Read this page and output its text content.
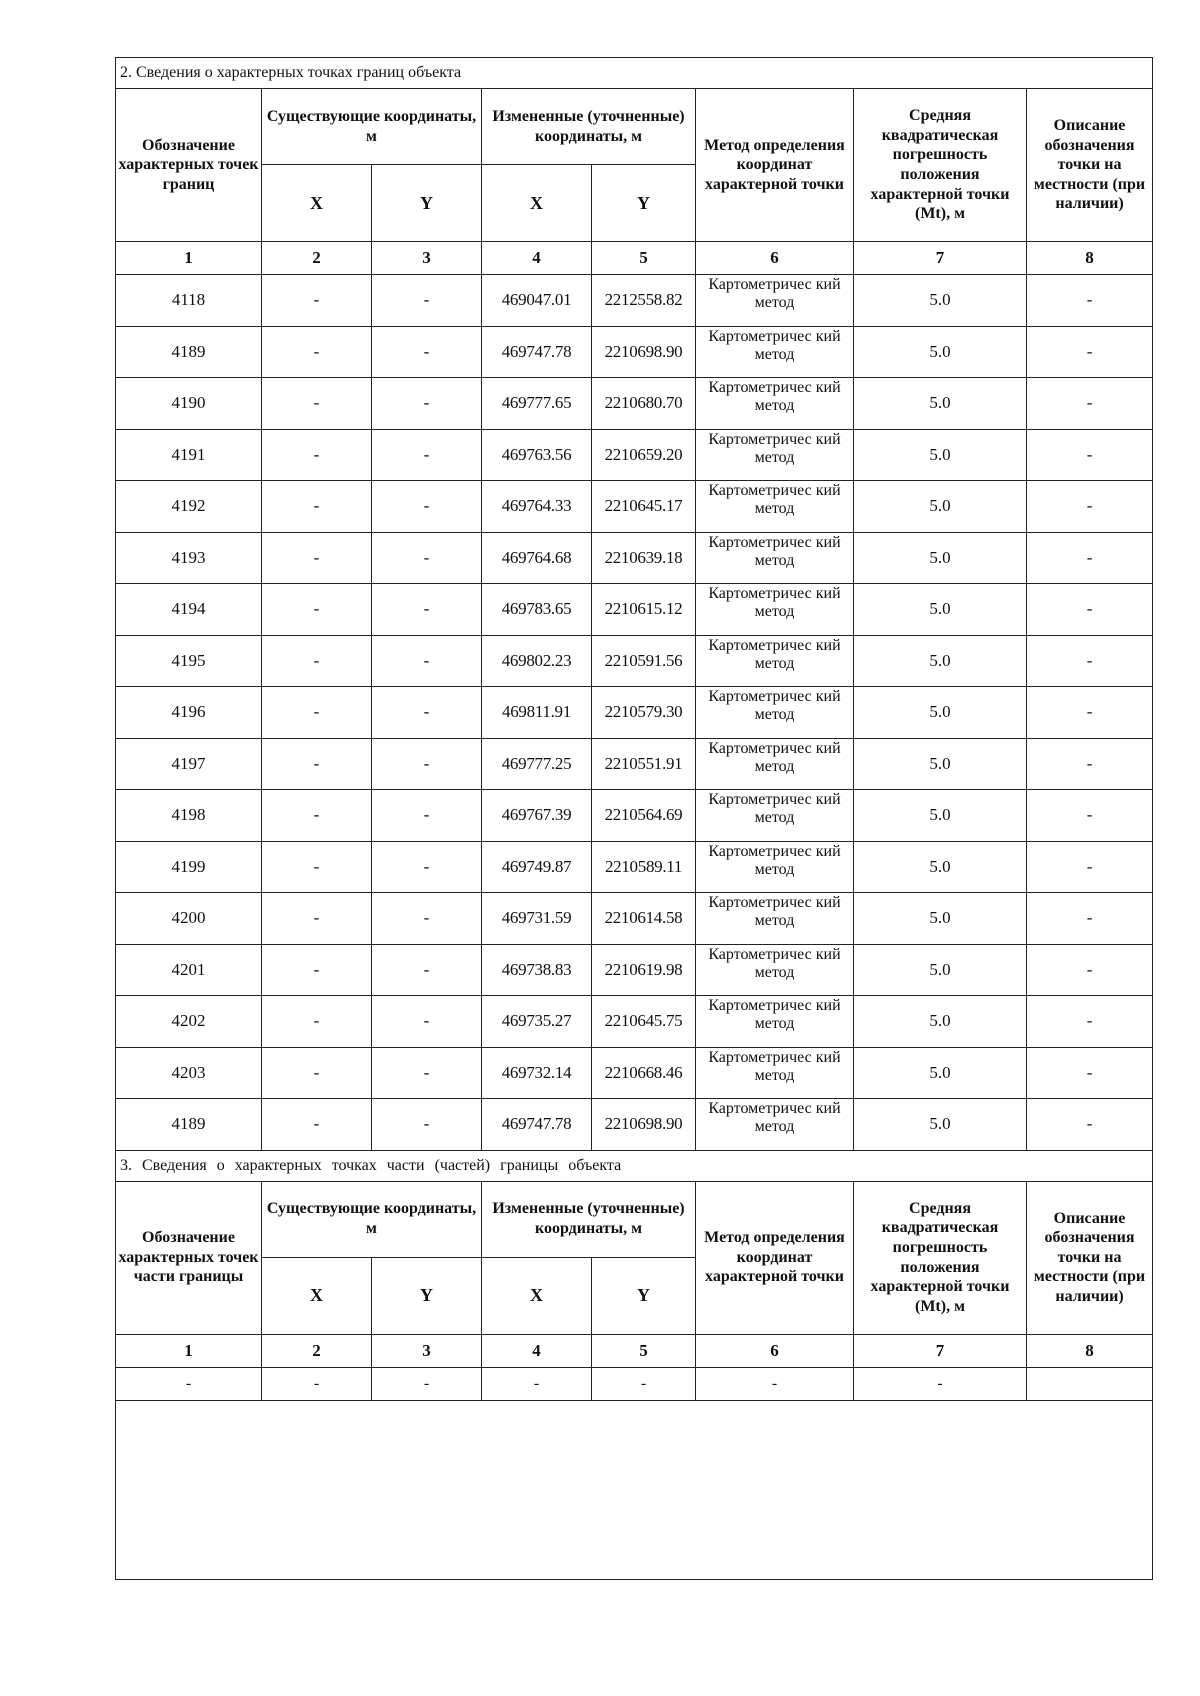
2. Сведения о характерных точках границ объекта							
Обозначение характерных точек границ	Существующие координаты, м		Измененные (уточненные) координаты, м		Метод определения координат характерной точки	Средняя квадратическая погрешность положения характерной точки (Mt), м	Описание обозначения точки на местности (при наличии)
	X	Y	X	Y			
1	2	3	4	5	6	7	8
4118	-	-	469047.01	2212558.82	Картометричес кий метод	5.0	-
4189	-	-	469747.78	2210698.90	Картометричес кий метод	5.0	-
4190	-	-	469777.65	2210680.70	Картометричес кий метод	5.0	-
4191	-	-	469763.56	2210659.20	Картометричес кий метод	5.0	-
4192	-	-	469764.33	2210645.17	Картометричес кий метод	5.0	-
4193	-	-	469764.68	2210639.18	Картометричес кий метод	5.0	-
4194	-	-	469783.65	2210615.12	Картометричес кий метод	5.0	-
4195	-	-	469802.23	2210591.56	Картометричес кий метод	5.0	-
4196	-	-	469811.91	2210579.30	Картометричес кий метод	5.0	-
4197	-	-	469777.25	2210551.91	Картометричес кий метод	5.0	-
4198	-	-	469767.39	2210564.69	Картометричес кий метод	5.0	-
4199	-	-	469749.87	2210589.11	Картометричес кий метод	5.0	-
4200	-	-	469731.59	2210614.58	Картометричес кий метод	5.0	-
4201	-	-	469738.83	2210619.98	Картометричес кий метод	5.0	-
4202	-	-	469735.27	2210645.75	Картометричес кий метод	5.0	-
4203	-	-	469732.14	2210668.46	Картометричес кий метод	5.0	-
4189	-	-	469747.78	2210698.90	Картометричес кий метод	5.0	-
3. Сведения о характерных точках части (частей) границы объекта							
Обозначение характерных точек части границы	Существующие координаты, м		Измененные (уточненные) координаты, м		Метод определения координат характерной точки	Средняя квадратическая погрешность положения характерной точки (Mt), м	Описание обозначения точки на местности (при наличии)
	X	Y	X	Y			
1	2	3	4	5	6	7	8
-	-	-	-	-	-	-	
